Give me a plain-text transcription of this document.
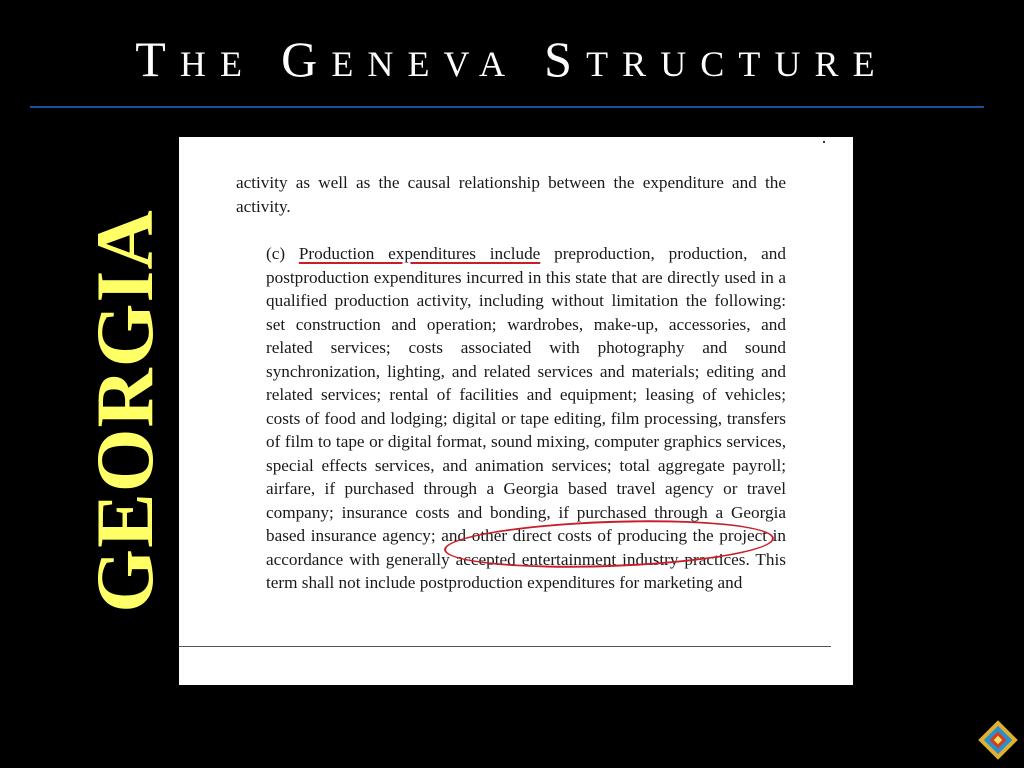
THE GENEVA STRUCTURE
GEORGIA

activity as well as the causal relationship between the expenditure and the activity.

(c) Production expenditures include preproduction, production, and postproduction expenditures incurred in this state that are directly used in a qualified production activity, including without limitation the following: set construction and operation; wardrobes, make-up, accessories, and related services; costs associated with photography and sound synchronization, lighting, and related services and materials; editing and related services; rental of facilities and equipment; leasing of vehicles; costs of food and lodging; digital or tape editing, film processing, transfers of film to tape or digital format, sound mixing, computer graphics services, special effects services, and animation services; total aggregate payroll; airfare, if purchased through a Georgia based travel agency or travel company; insurance costs and bonding, if purchased through a Georgia based insurance agency; and other direct costs of producing the project in accordance with generally accepted entertainment industry practices. This term shall not include postproduction expenditures for marketing and
